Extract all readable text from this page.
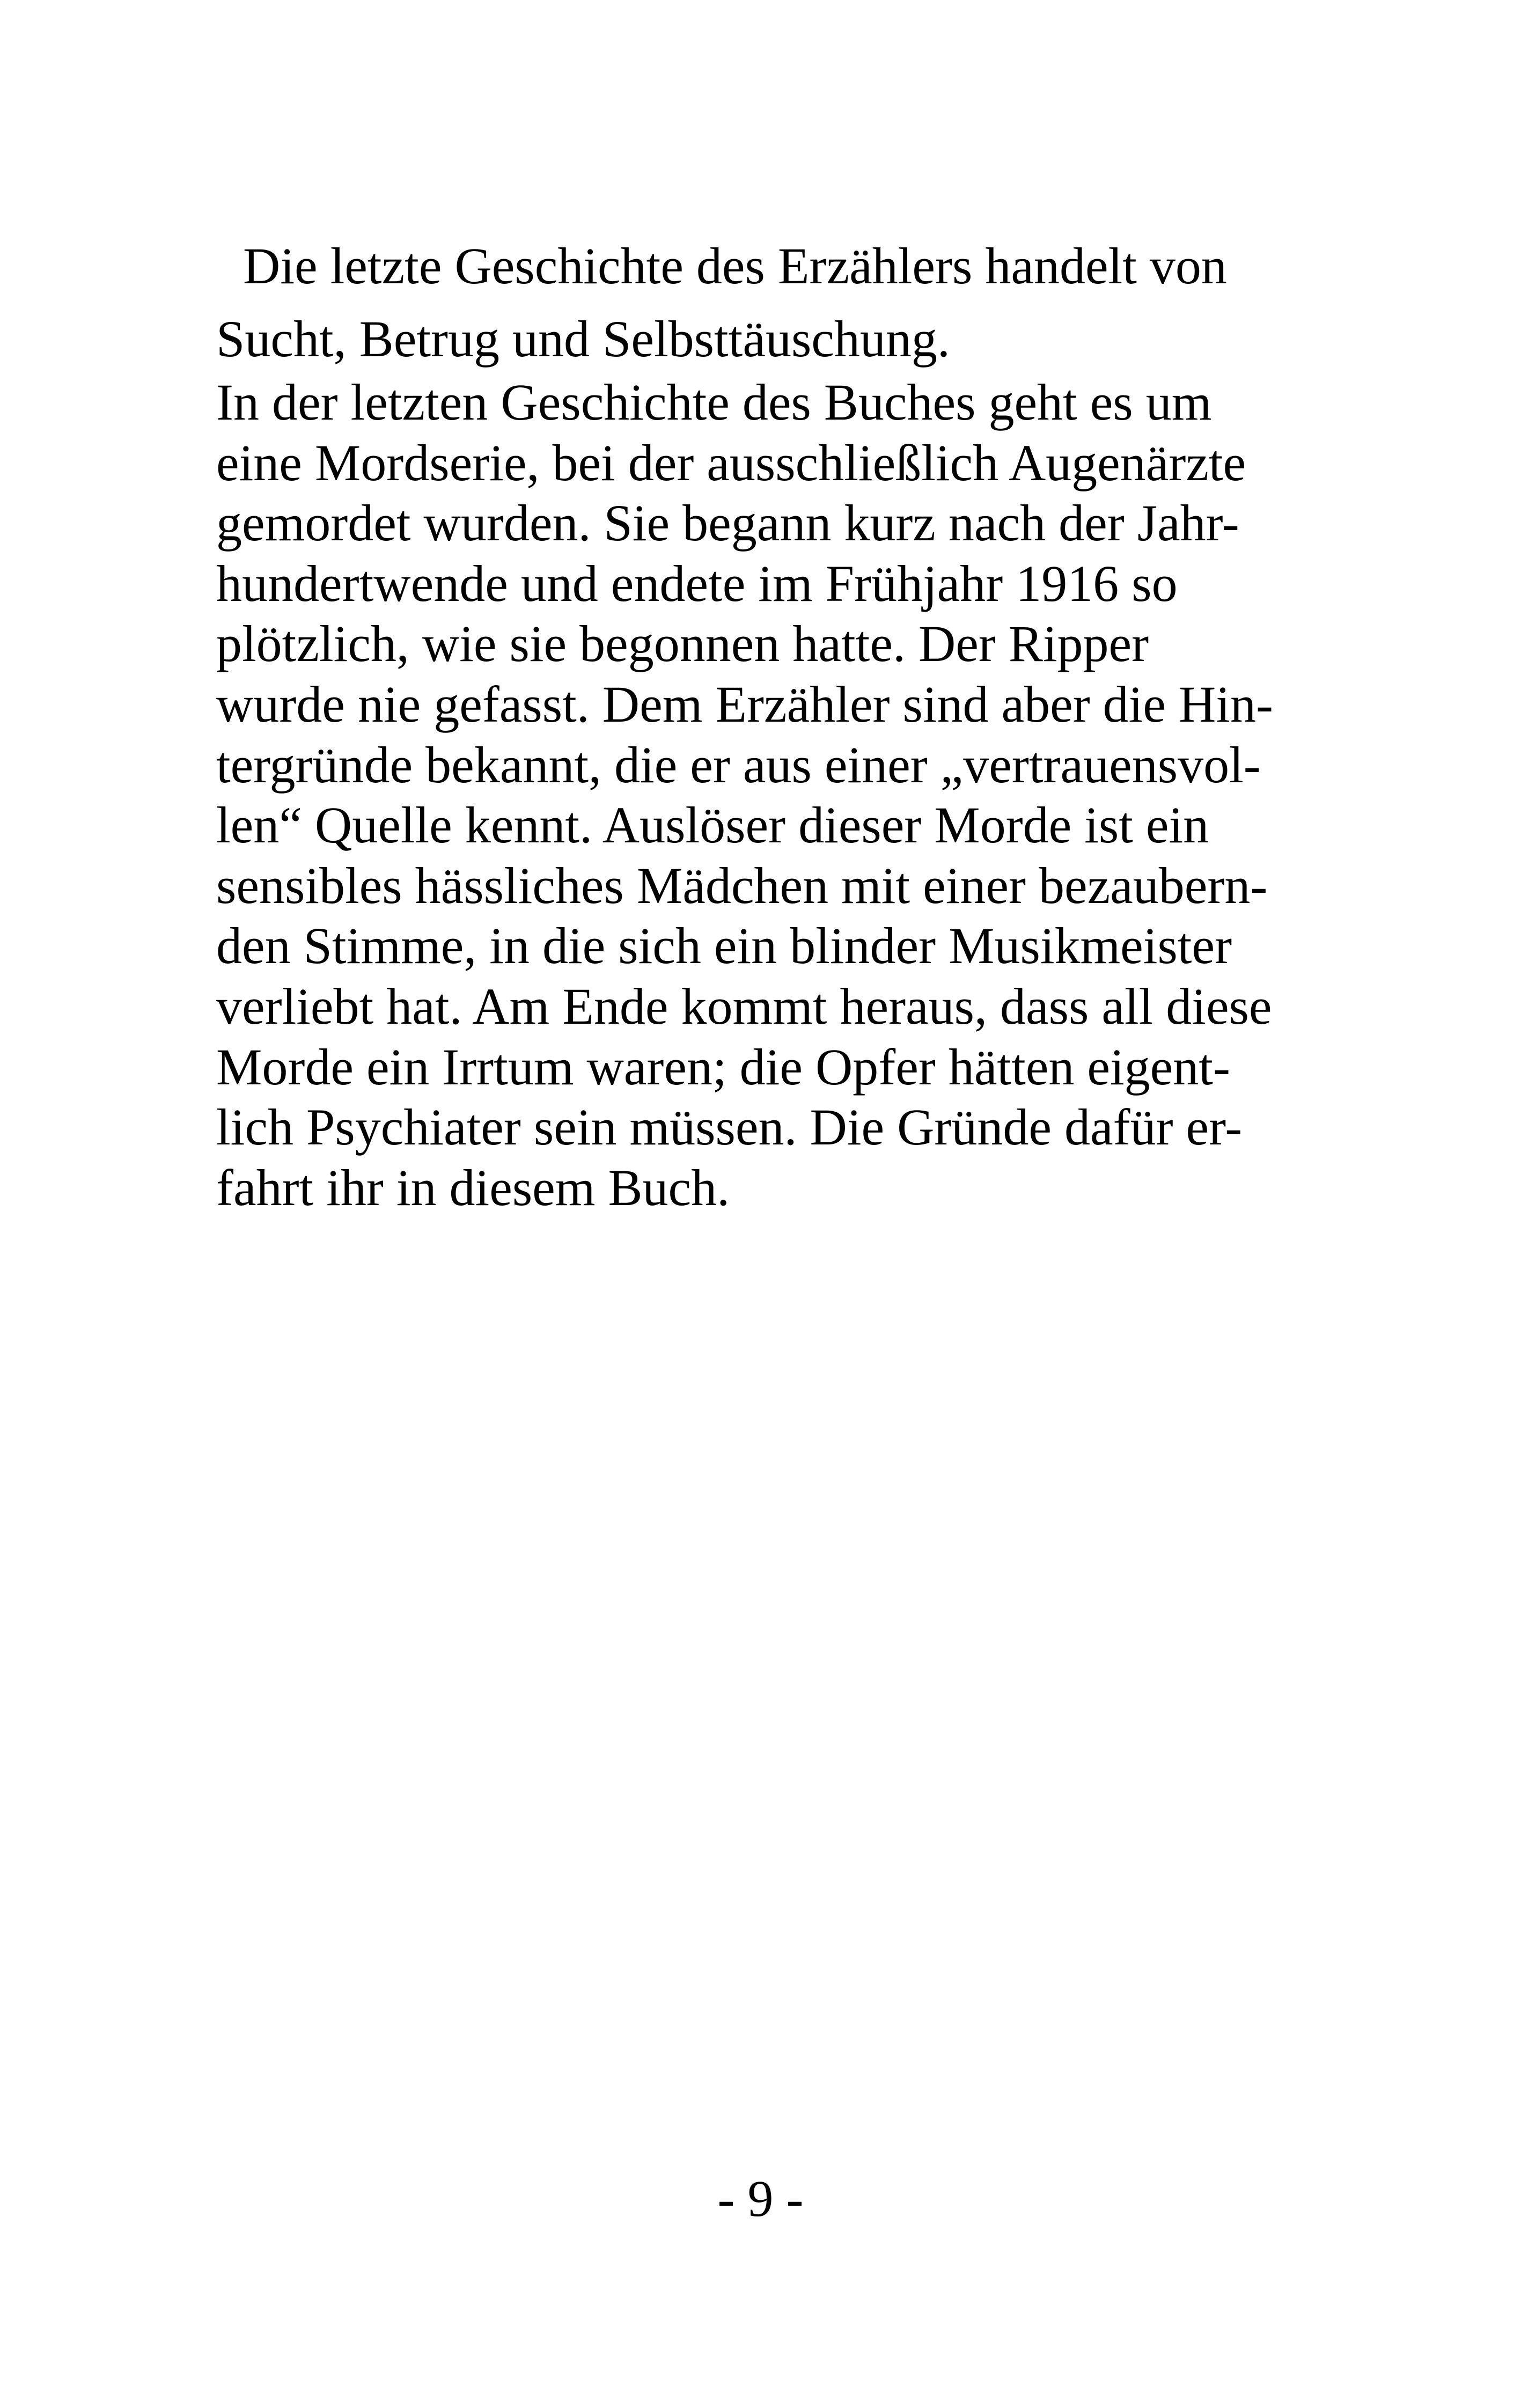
Die letzte Geschichte des Erzählers handelt von
Sucht, Betrug und Selbsttäuschung.
In der letzten Geschichte des Buches geht es um
eine Mordserie, bei der ausschließlich Augenärzte
gemordet wurden. Sie begann kurz nach der Jahr-
hundertwende und endete im Frühjahr 1916 so
plötzlich, wie sie begonnen hatte. Der Ripper
wurde nie gefasst. Dem Erzähler sind aber die Hin-
tergründe bekannt, die er aus einer „vertrauensvol-
len“ Quelle kennt. Auslöser dieser Morde ist ein
sensibles hässliches Mädchen mit einer bezaubern-
den Stimme, in die sich ein blinder Musikmeister
verliebt hat. Am Ende kommt heraus, dass all diese
Morde ein Irrtum waren; die Opfer hätten eigent-
lich Psychiater sein müssen. Die Gründe dafür er-
fahrt ihr in diesem Buch.
- 9 -
